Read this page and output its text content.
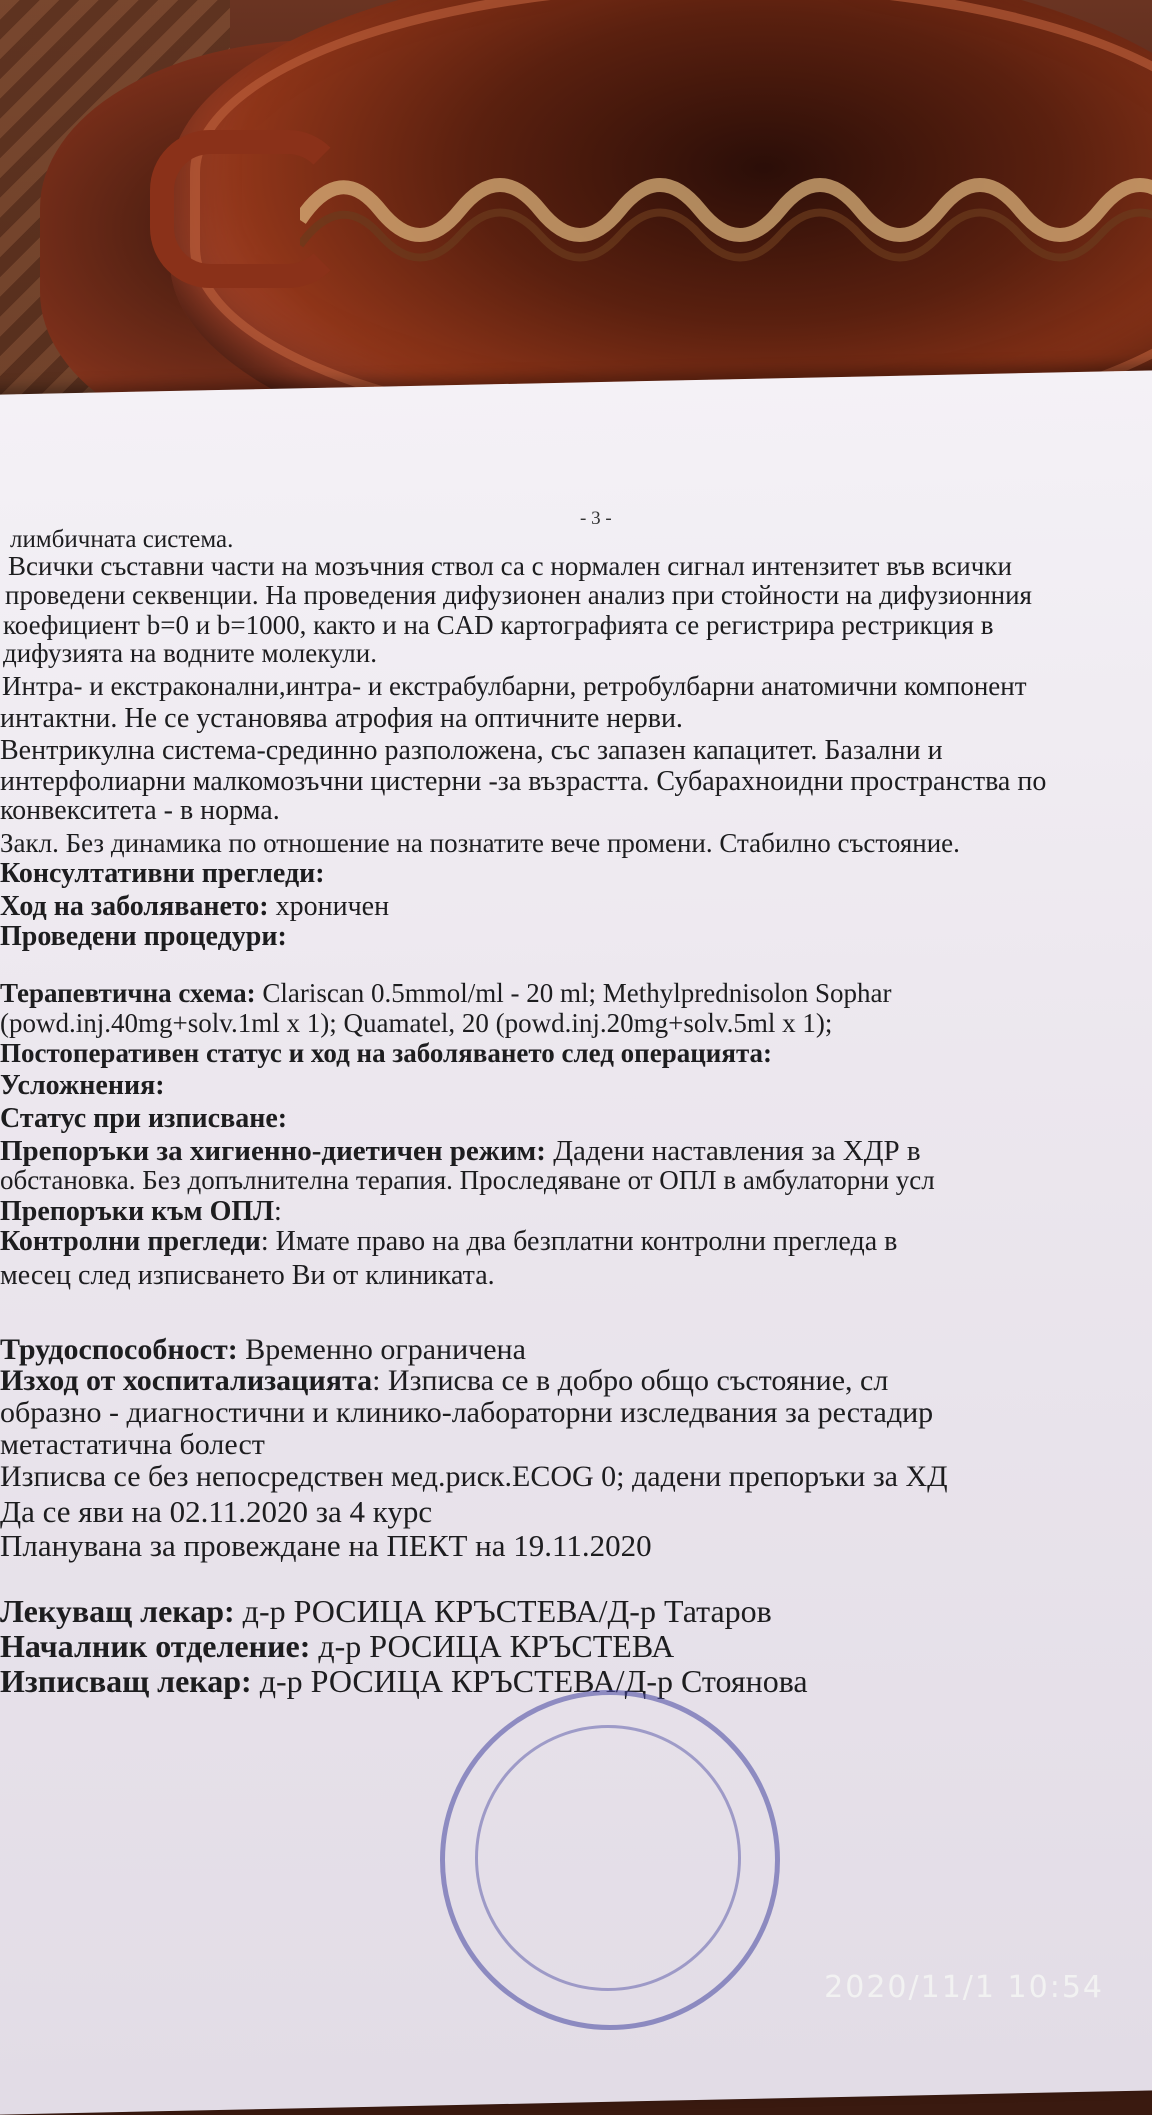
- 3 -
лимбичната система.
Всички съставни части на мозъчния ствол са с нормален сигнал интензитет във всички
проведени секвенции. На проведения дифузионен анализ при стойности на дифузионния
коефициент b=0 и b=1000, както и на CAD картографията се регистрира рестрикция в
дифузията на водните молекули.
Интра- и екстраконални,интра- и екстрабулбарни, ретробулбарни анатомични компонент
интактни. Не се установява атрофия на оптичните нерви.
Вентрикулна система-срединно разположена, със запазен капацитет. Базални и
интерфолиарни малкомозъчни цистерни -за възрастта. Субарахноидни пространства по
конвекситета - в норма.
Закл. Без динамика по отношение на познатите вече промени. Стабилно състояние.
Консултативни прегледи:
Ход на заболяването: хроничен
Проведени процедури:
Терапевтична схема: Clariscan 0.5mmol/ml - 20 ml; Methylprednisolon Sophar
(powd.inj.40mg+solv.1ml x 1); Quamatel, 20 (powd.inj.20mg+solv.5ml x 1);
Постоперативен статус и ход на заболяването след операцията:
Усложнения:
Статус при изписване:
Препоръки за хигиенно-диетичен режим: Дадени наставления за ХДР в
обстановка. Без допълнителна терапия. Проследяване от ОПЛ в амбулаторни усл
Препоръки към ОПЛ:
Контролни прегледи: Имате право на два безплатни контролни прегледа в
месец след изписването Ви от клиниката.
Трудоспособност: Временно ограничена
Изход от хоспитализацията: Изписва се в добро общо състояние, сл
образно - диагностични и клинико-лабораторни изследвания за рестадир
метастатична болест
Изписва се без непосредствен мед.риск.ECOG 0; дадени препоръки за ХД
Да се яви на 02.11.2020 за 4 курс
Планувана за провеждане на ПЕКТ на 19.11.2020
Лекуващ лекар: д-р РОСИЦА КРЪСТЕВА/Д-р Татаров
Началник отделение: д-р РОСИЦА КРЪСТЕВА
Изписващ лекар: д-р РОСИЦА КРЪСТЕВА/Д-р Стоянова
2020/11/1 10:54
